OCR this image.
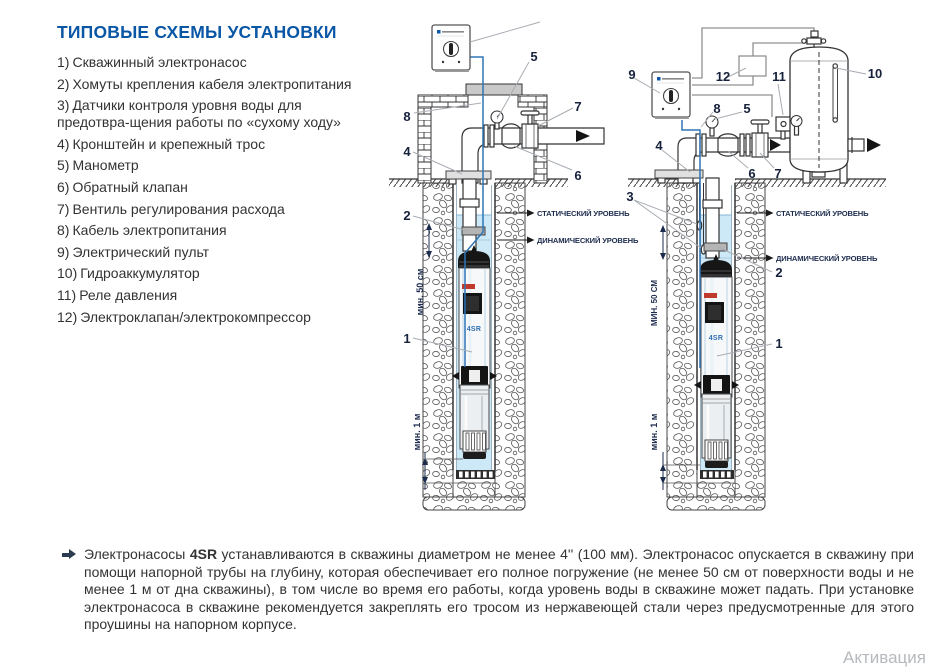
ТИПОВЫЕ СХЕМЫ УСТАНОВКИ
1) Скважинный электронасос
2) Хомуты крепления кабеля электропитания
3) Датчики контроля уровня воды для предотвра-щения работы по «сухому ходу»
4) Кронштейн и крепежный трос
5) Манометр
6) Обратный клапан
7) Вентиль регулирования расхода
8) Кабель электропитания
9) Электрический пульт
10) Гидроаккумулятор
11) Реле давления
12) Электроклапан/электрокомпрессор
СТАТИЧЕСКИЙ УРОВЕНЬ
ДИНАМИЧЕСКИЙ УРОВЕНЬ
мин. 50 см
мин. 1 м
5
7
8
4
6
2
1
СТАТИЧЕСКИЙ УРОВЕНЬ
ДИНАМИЧЕСКИЙ УРОВЕНЬ
МИН. 50 СМ
мин. 1 м
9	12	11	10
8 5
4
6 7
3
2
1
Электронасосы 4SR устанавливаются в скважины диаметром не менее 4'' (100 мм). Электронасос опускается в скважину при помощи напорной трубы на глубину, которая обеспечивает его полное погружение (не менее 50 см от поверхности воды и не менее 1 м от дна скважины), в том числе во время его работы, когда уровень воды в скважине может падать. При установке электронасоса в скважине рекомендуется закреплять его тросом из нержавеющей стали через предусмотренные для этого проушины на напорном корпусе.
Активация
